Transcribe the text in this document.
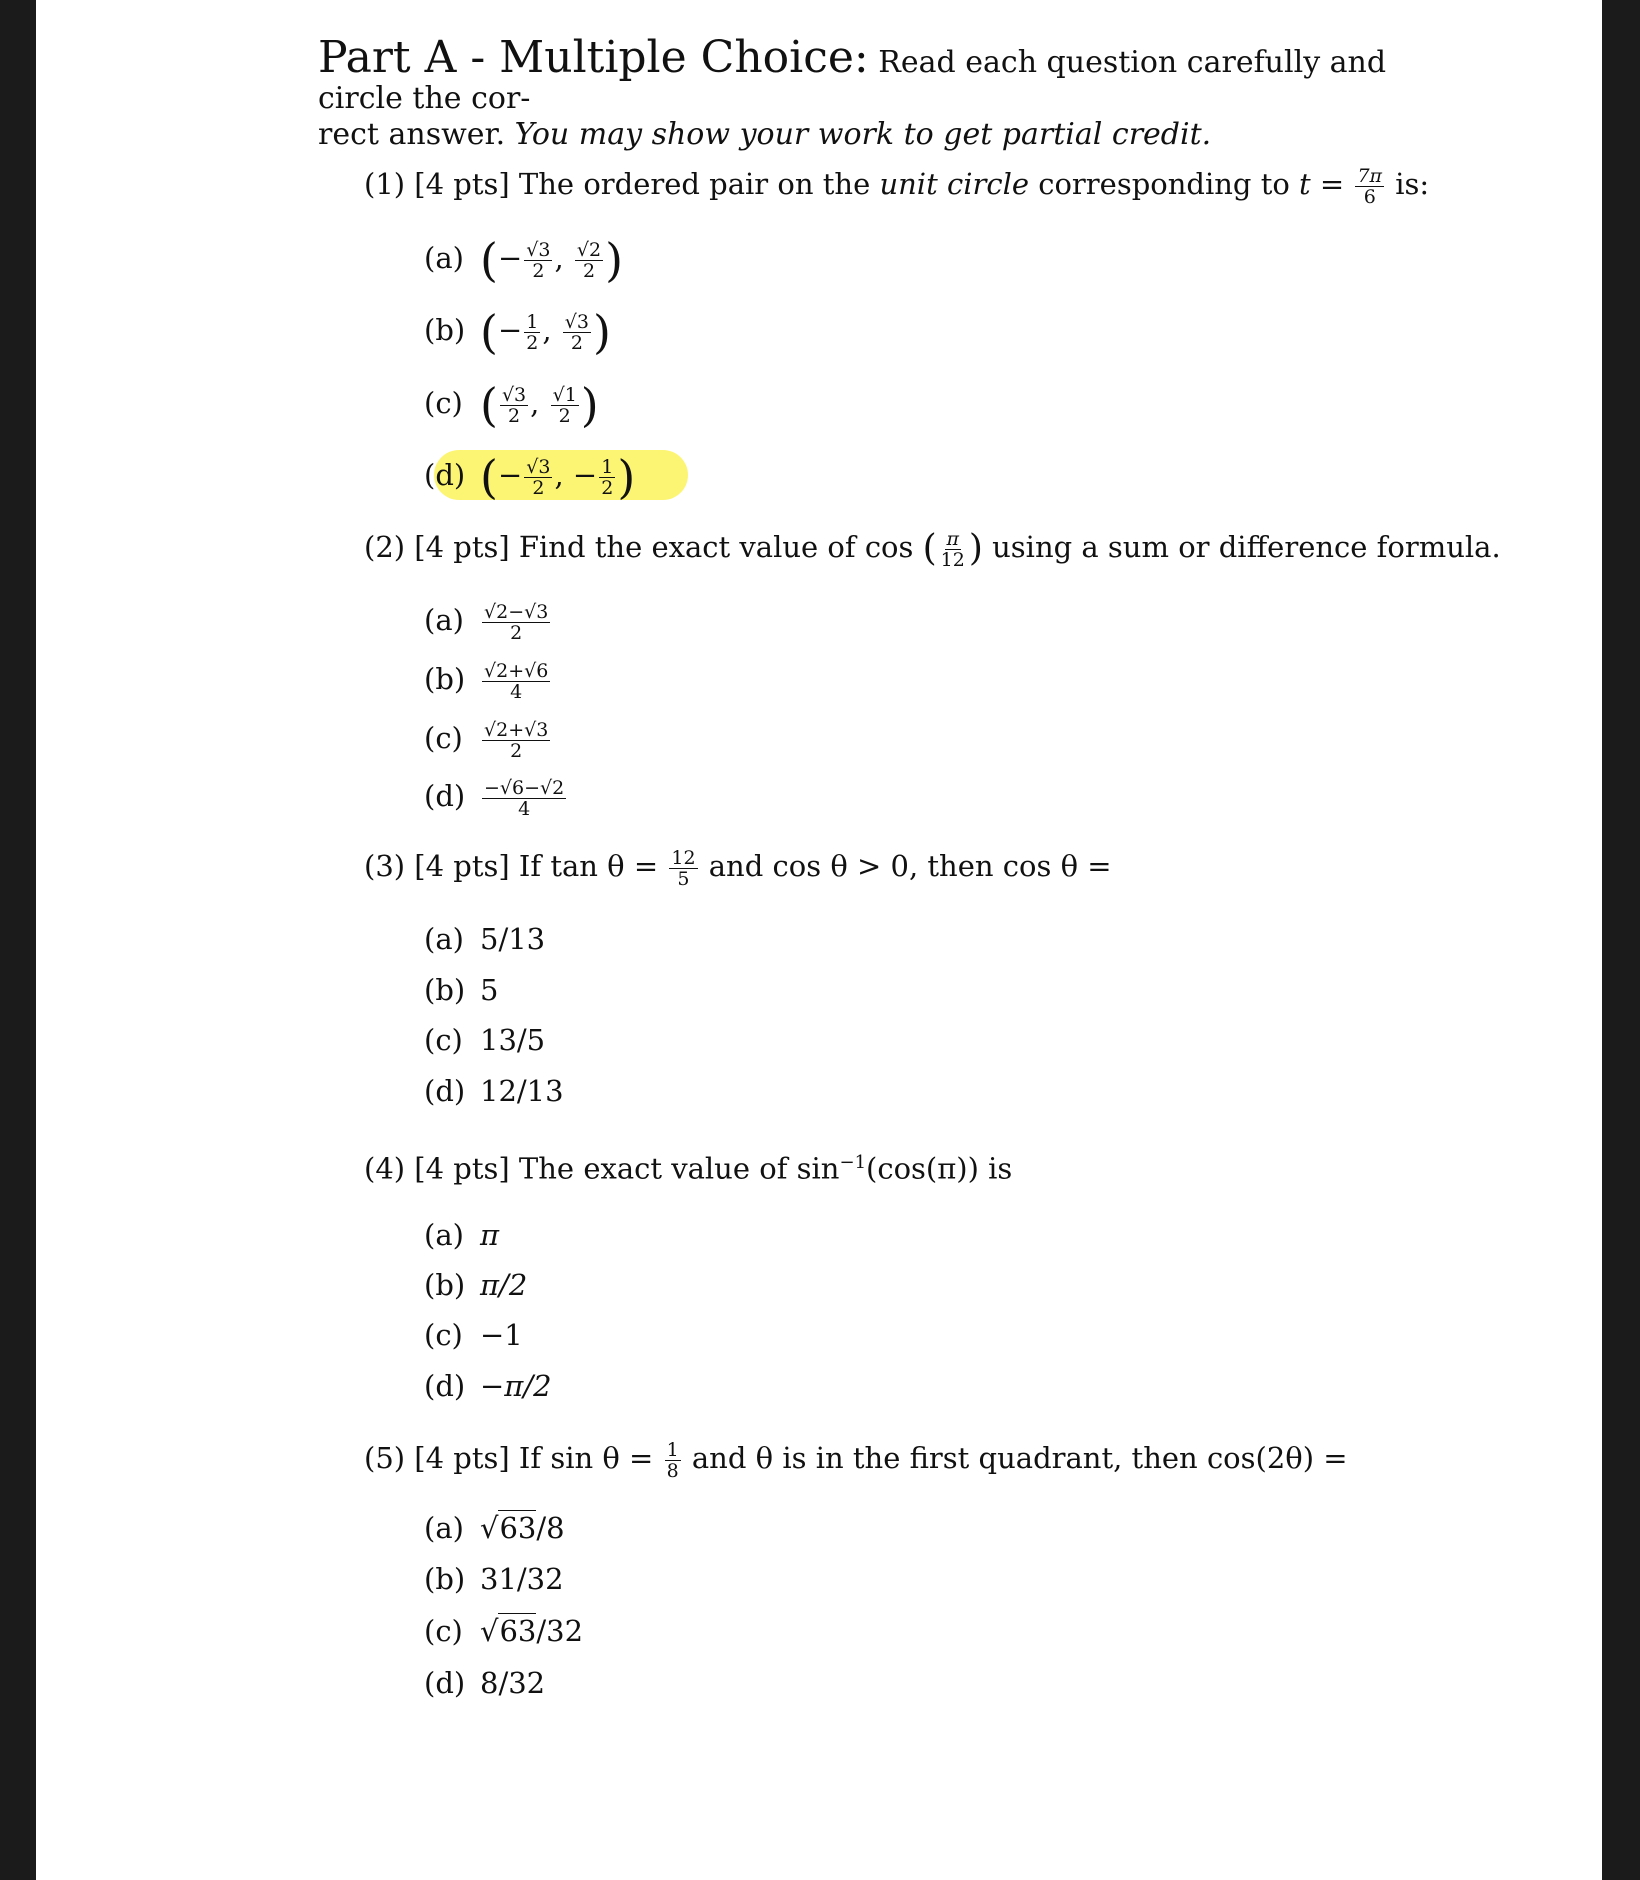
Part A - Multiple Choice: Read each question carefully and circle the cor-
rect answer. You may show your work to get partial credit.
(1) [4 pts] The ordered pair on the unit circle corresponding to $t = \frac{7\pi}{6}$ is:
(a) (− $\frac{√3}{2}$ , $\frac{√2}{2}$ )
(b) (− $\frac{1}{2}$ , $\frac{√3}{2}$ )
(c) ( $\frac{√3}{2}$ , $\frac{√1}{2}$ )
(d) (− $\frac{√3}{2}$ , − $\frac{1}{2}$ )
(2) [4 pts] Find the exact value of cos ( $\frac{\pi}{12}$ ) using a sum or difference formula.
$(a) \frac{√2-√3}{2}$
$(b) \frac{√2+√6}{4}$
$(c) \frac{√2+√3}{2}$
$(d) \frac{-√6-√2}{4}$
(3) [4 pts] If $\tan \theta = \frac{12}{5}$ and cos θ > 0, then cos θ =
(a) 5/13
(b) 5
(c) 13/5
(d) 12/13
(4) [4 pts] The exact value of $\sin^{-1}(\cos(\pi))$ is
(a) π
(b) π/2
(c) −1
(d) −π/2
(5) [4 pts] If $\sin \theta = \frac{1}{8}$ and θ is in the first quadrant, then cos(2θ) =
(a) √63/8
(b) 31/32
(c) √63/32
(d) 8/32
